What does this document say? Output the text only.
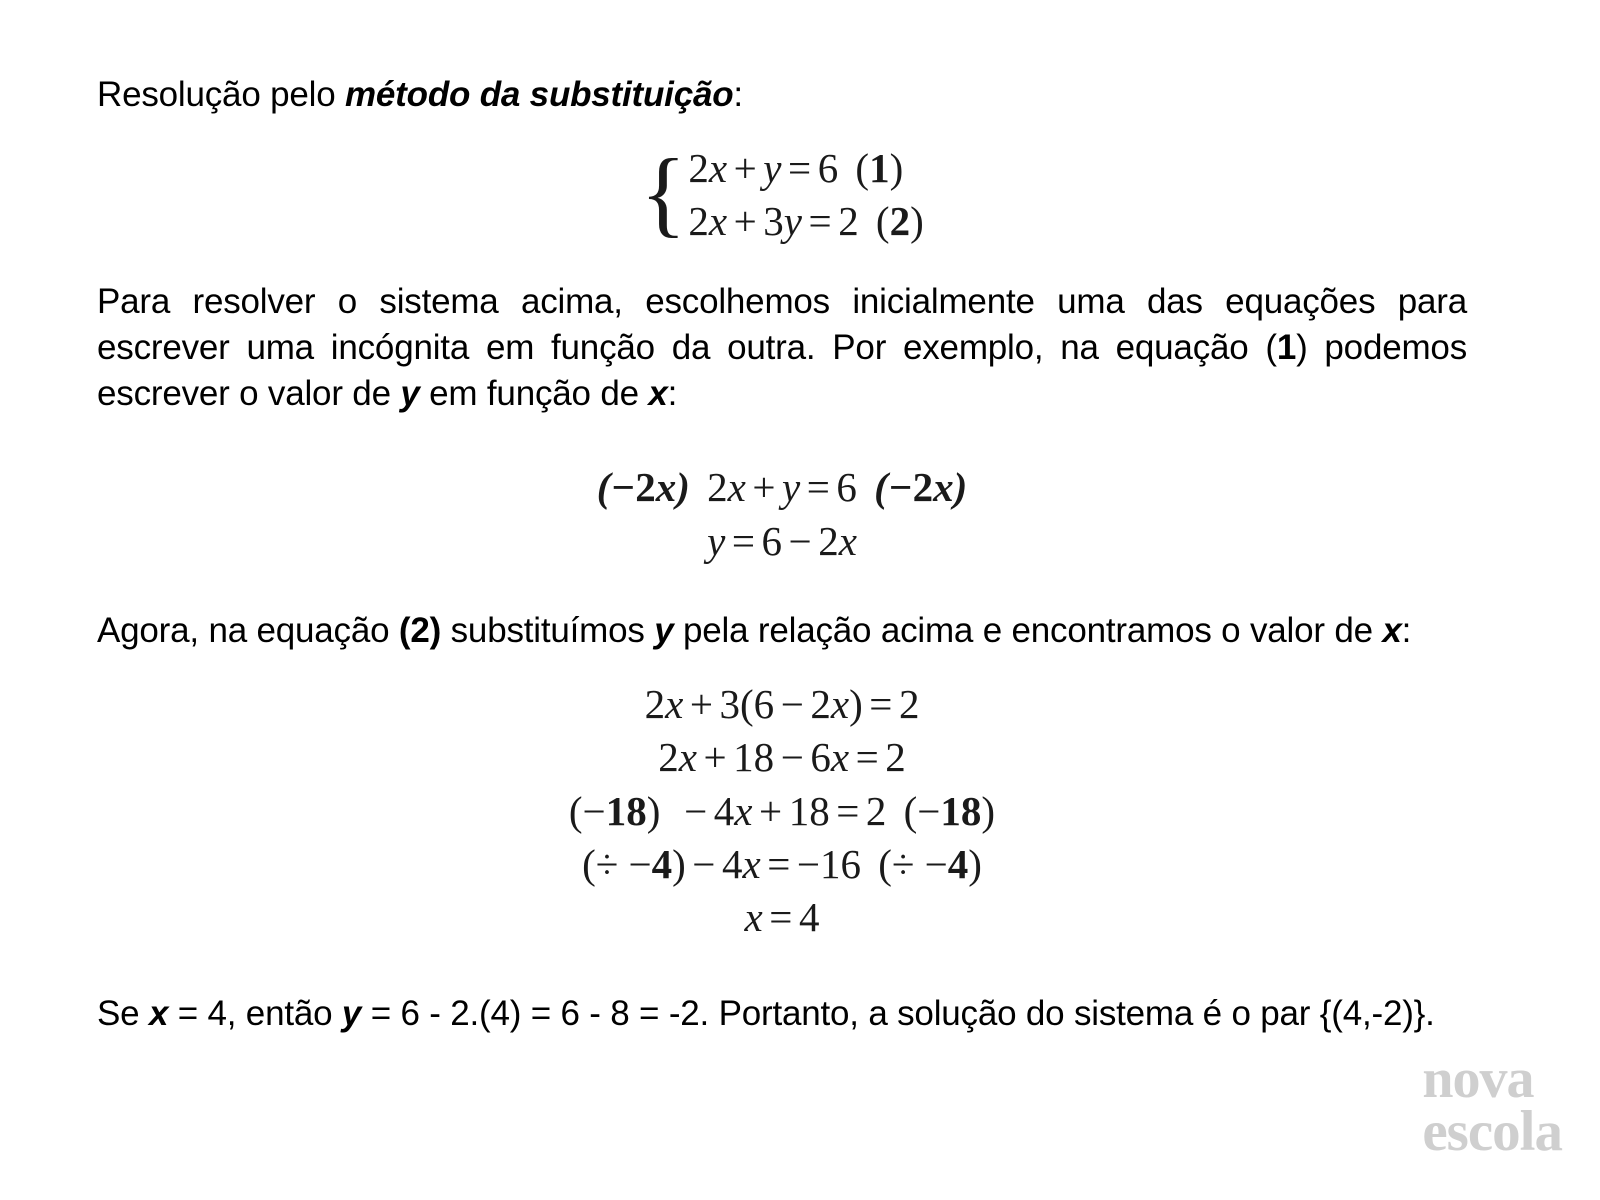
Resolução pelo método da substituição:

{ 2x + y = 6 (1)
2x + 3y = 2 (2)

Para resolver o sistema acima, escolhemos inicialmente uma das equações para escrever uma incógnita em função da outra. Por exemplo, na equação (1) podemos escrever o valor de y em função de x:

(−2x) 2x + y = 6 (−2x)
y = 6 − 2x

Agora, na equação (2) substituímos y pela relação acima e encontramos o valor de x:

2x + 3(6 − 2x) = 2
2x + 18 − 6x = 2
(−18) − 4x + 18 = 2 (−18)
(÷ −4) − 4x = −16 (÷ −4)
x = 4

Se x = 4, então y = 6 - 2.(4) = 6 - 8 = -2. Portanto, a solução do sistema é o par {(4,-2)}.

nova
escola
